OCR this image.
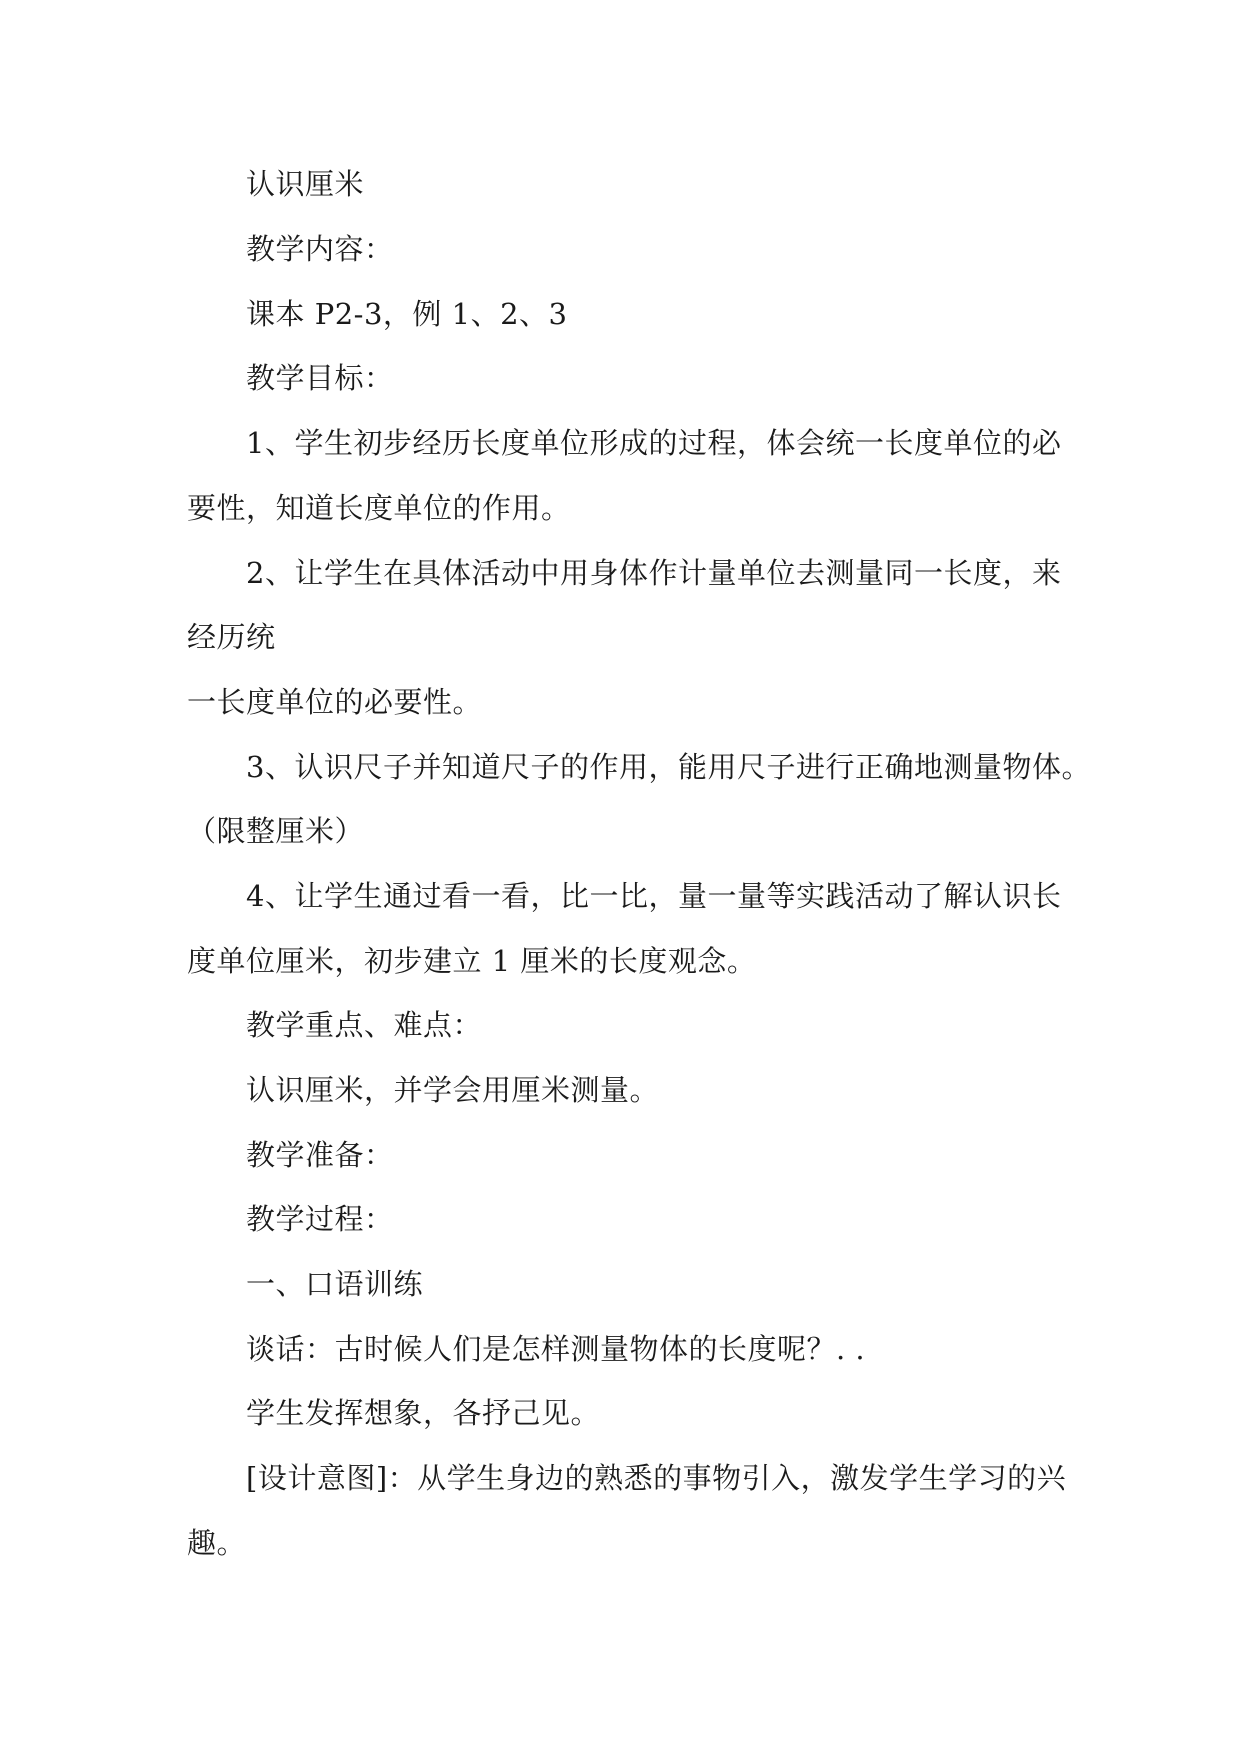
认识厘米
教学内容：
课本 P2-3，例 1、2、3
教学目标：
1、学生初步经历长度单位形成的过程，体会统一长度单位的必
要性，知道长度单位的作用。
2、让学生在具体活动中用身体作计量单位去测量同一长度，来
经历统
一长度单位的必要性。
3、认识尺子并知道尺子的作用，能用尺子进行正确地测量物体。
（限整厘米）
4、让学生通过看一看，比一比，量一量等实践活动了解认识长
度单位厘米，初步建立 1 厘米的长度观念。
教学重点、难点：
认识厘米，并学会用厘米测量。
教学准备：
教学过程：
一、口语训练
谈话：古时候人们是怎样测量物体的长度呢？. .
学生发挥想象，各抒己见。
[设计意图]：从学生身边的熟悉的事物引入，激发学生学习的兴
趣。
